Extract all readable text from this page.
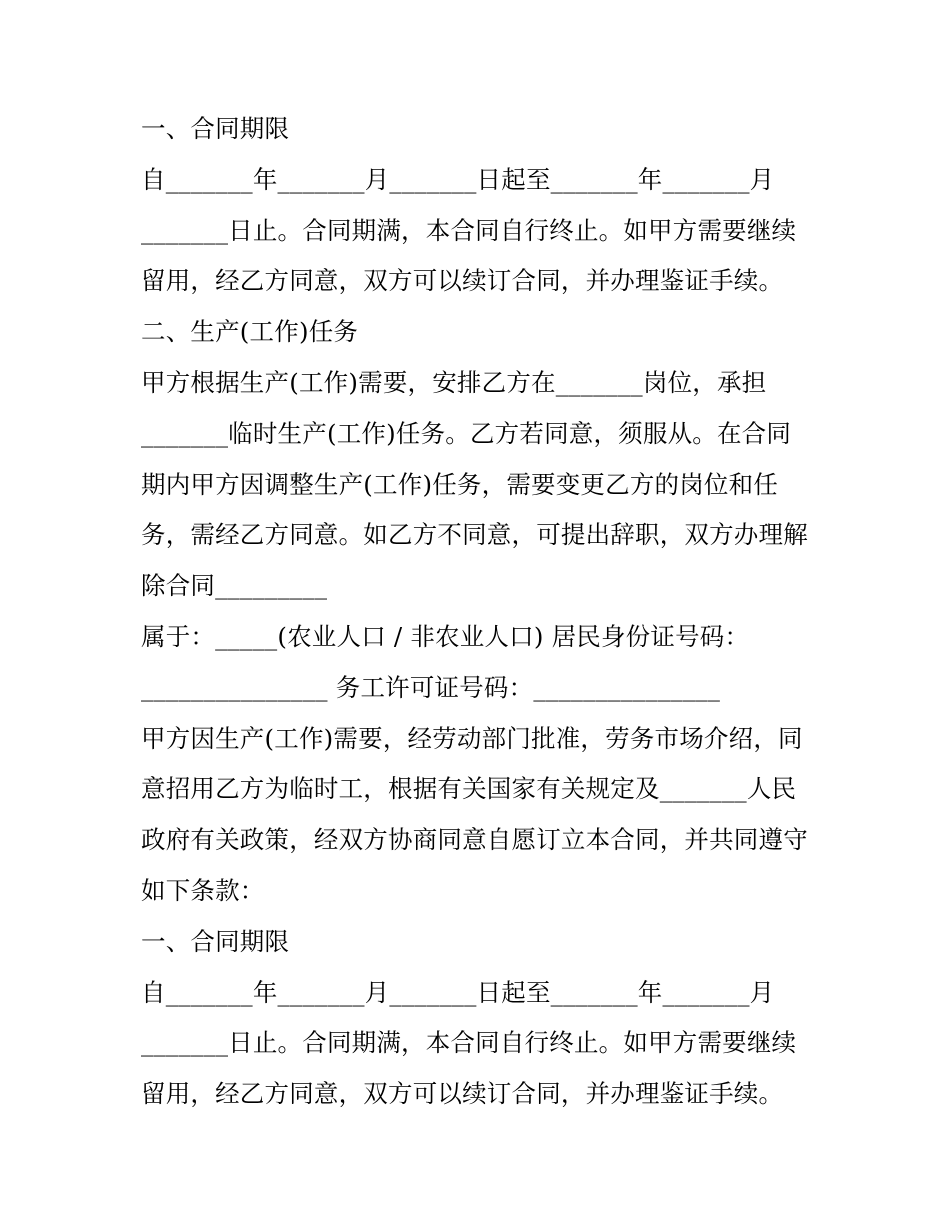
一、合同期限
自_______年_______月_______日起至_______年_______月
_______日止。合同期满，本合同自行终止。如甲方需要继续
留用，经乙方同意，双方可以续订合同，并办理鉴证手续。
二、生产(工作)任务
甲方根据生产(工作)需要，安排乙方在_______岗位，承担
_______临时生产(工作)任务。乙方若同意，须服从。在合同
期内甲方因调整生产(工作)任务，需要变更乙方的岗位和任
务，需经乙方同意。如乙方不同意，可提出辞职，双方办理解
除合同_________
属于：_____(农业人口 / 非农业人口) 居民身份证号码：
_______________ 务工许可证号码：_______________
甲方因生产(工作)需要，经劳动部门批准，劳务市场介绍，同
意招用乙方为临时工，根据有关国家有关规定及_______人民
政府有关政策，经双方协商同意自愿订立本合同，并共同遵守
如下条款：
一、合同期限
自_______年_______月_______日起至_______年_______月
_______日止。合同期满，本合同自行终止。如甲方需要继续
留用，经乙方同意，双方可以续订合同，并办理鉴证手续。
